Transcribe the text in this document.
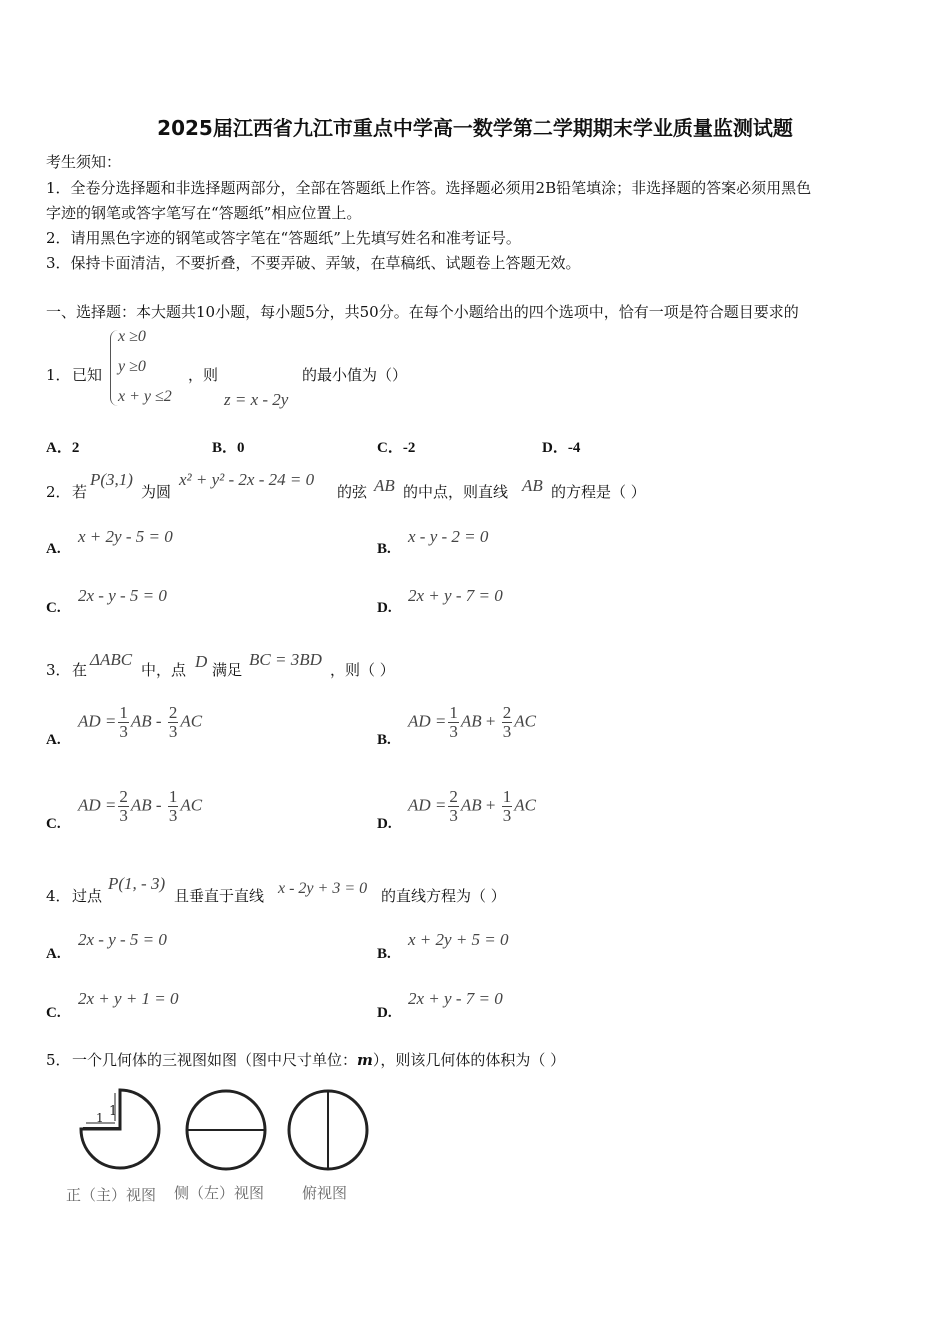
2025届江西省九江市重点中学高一数学第二学期期末学业质量监测试题
考生须知：
1．全卷分选择题和非选择题两部分，全部在答题纸上作答。选择题必须用2B铅笔填涂；非选择题的答案必须用黑色
字迹的钢笔或答字笔写在“答题纸”相应位置上。
2．请用黑色字迹的钢笔或答字笔在“答题纸”上先填写姓名和准考证号。
3．保持卡面清洁，不要折叠，不要弄破、弄皱，在草稿纸、试题卷上答题无效。
一、选择题：本大题共10小题，每小题5分，共50分。在每个小题给出的四个选项中，恰有一项是符合题目要求的
1． 已知
x ≥0
y ≥0
x + y ≤2
，则
z = x - 2y
的最小值为（）
A．2	B．0	C．-2	D．-4
2． 若
P(3,1)
为圆
x² + y² - 2x - 24 = 0
的弦 AB 的中点，则直线 AB 的方程是（ ）
A.
x + 2y - 5 = 0
B.
x - y - 2 = 0
C.
2x - y - 5 = 0
D.
2x + y - 7 = 0
3． 在
ΔABC
中，点 D 满足
BC = 3BD
，则（ ）
A.
AD = $\frac{1}{3}$ AB - $\frac{2}{3}$ AC
B.
AD = $\frac{1}{3}$ AB + $\frac{2}{3}$ AC
C.
AD = $\frac{2}{3}$ AB - $\frac{1}{3}$ AC
D.
AD = $\frac{2}{3}$ AB + $\frac{1}{3}$ AC
4． 过点
P(1, - 3)
且垂直于直线 x - 2y + 3 = 0 的直线方程为（ ）
A.
2x - y - 5 = 0
B.
x + 2y + 5 = 0
C.
2x + y + 1 = 0
D.
2x + y - 7 = 0
5． 一个几何体的三视图如图（图中尺寸单位：m），则该几何体的体积为（ ）
1
1
正（主）视图 侧（左）视图	俯视图
